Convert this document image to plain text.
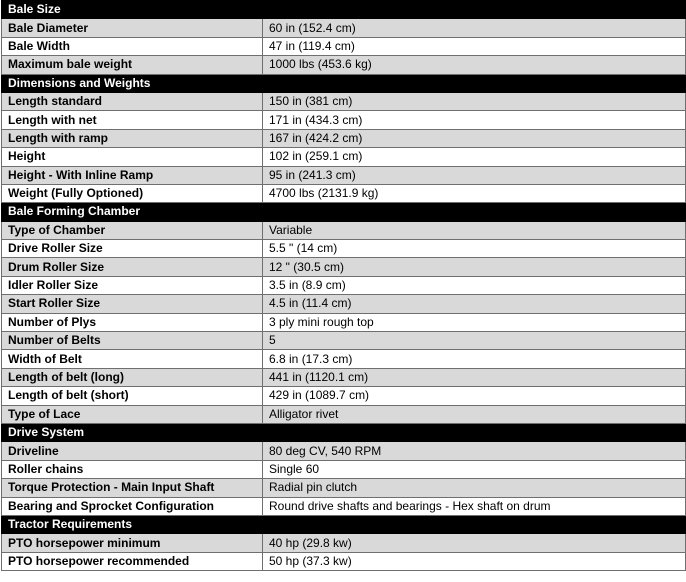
Bale Size	
Bale Diameter	60 in (152.4 cm)
Bale Width	47 in (119.4 cm)
Maximum bale weight	1000 lbs (453.6 kg)
Dimensions and Weights	
Length standard	150 in (381 cm)
Length with net	171 in (434.3 cm)
Length with ramp	167 in (424.2 cm)
Height	102 in (259.1 cm)
Height - With Inline Ramp	95 in (241.3 cm)
Weight (Fully Optioned)	4700 lbs (2131.9 kg)
Bale Forming Chamber	
Type of Chamber	Variable
Drive Roller Size	5.5 " (14 cm)
Drum Roller Size	12 " (30.5 cm)
Idler Roller Size	3.5 in (8.9 cm)
Start Roller Size	4.5 in (11.4 cm)
Number of Plys	3 ply mini rough top
Number of Belts	5
Width of Belt	6.8 in (17.3 cm)
Length of belt (long)	441 in (1120.1 cm)
Length of belt (short)	429 in (1089.7 cm)
Type of Lace	Alligator rivet
Drive System	
Driveline	80 deg CV, 540 RPM
Roller chains	Single 60
Torque Protection - Main Input Shaft	Radial pin clutch
Bearing and Sprocket Configuration	Round drive shafts and bearings - Hex shaft on drum
Tractor Requirements	
PTO horsepower minimum	40 hp (29.8 kw)
PTO horsepower recommended	50 hp (37.3 kw)
